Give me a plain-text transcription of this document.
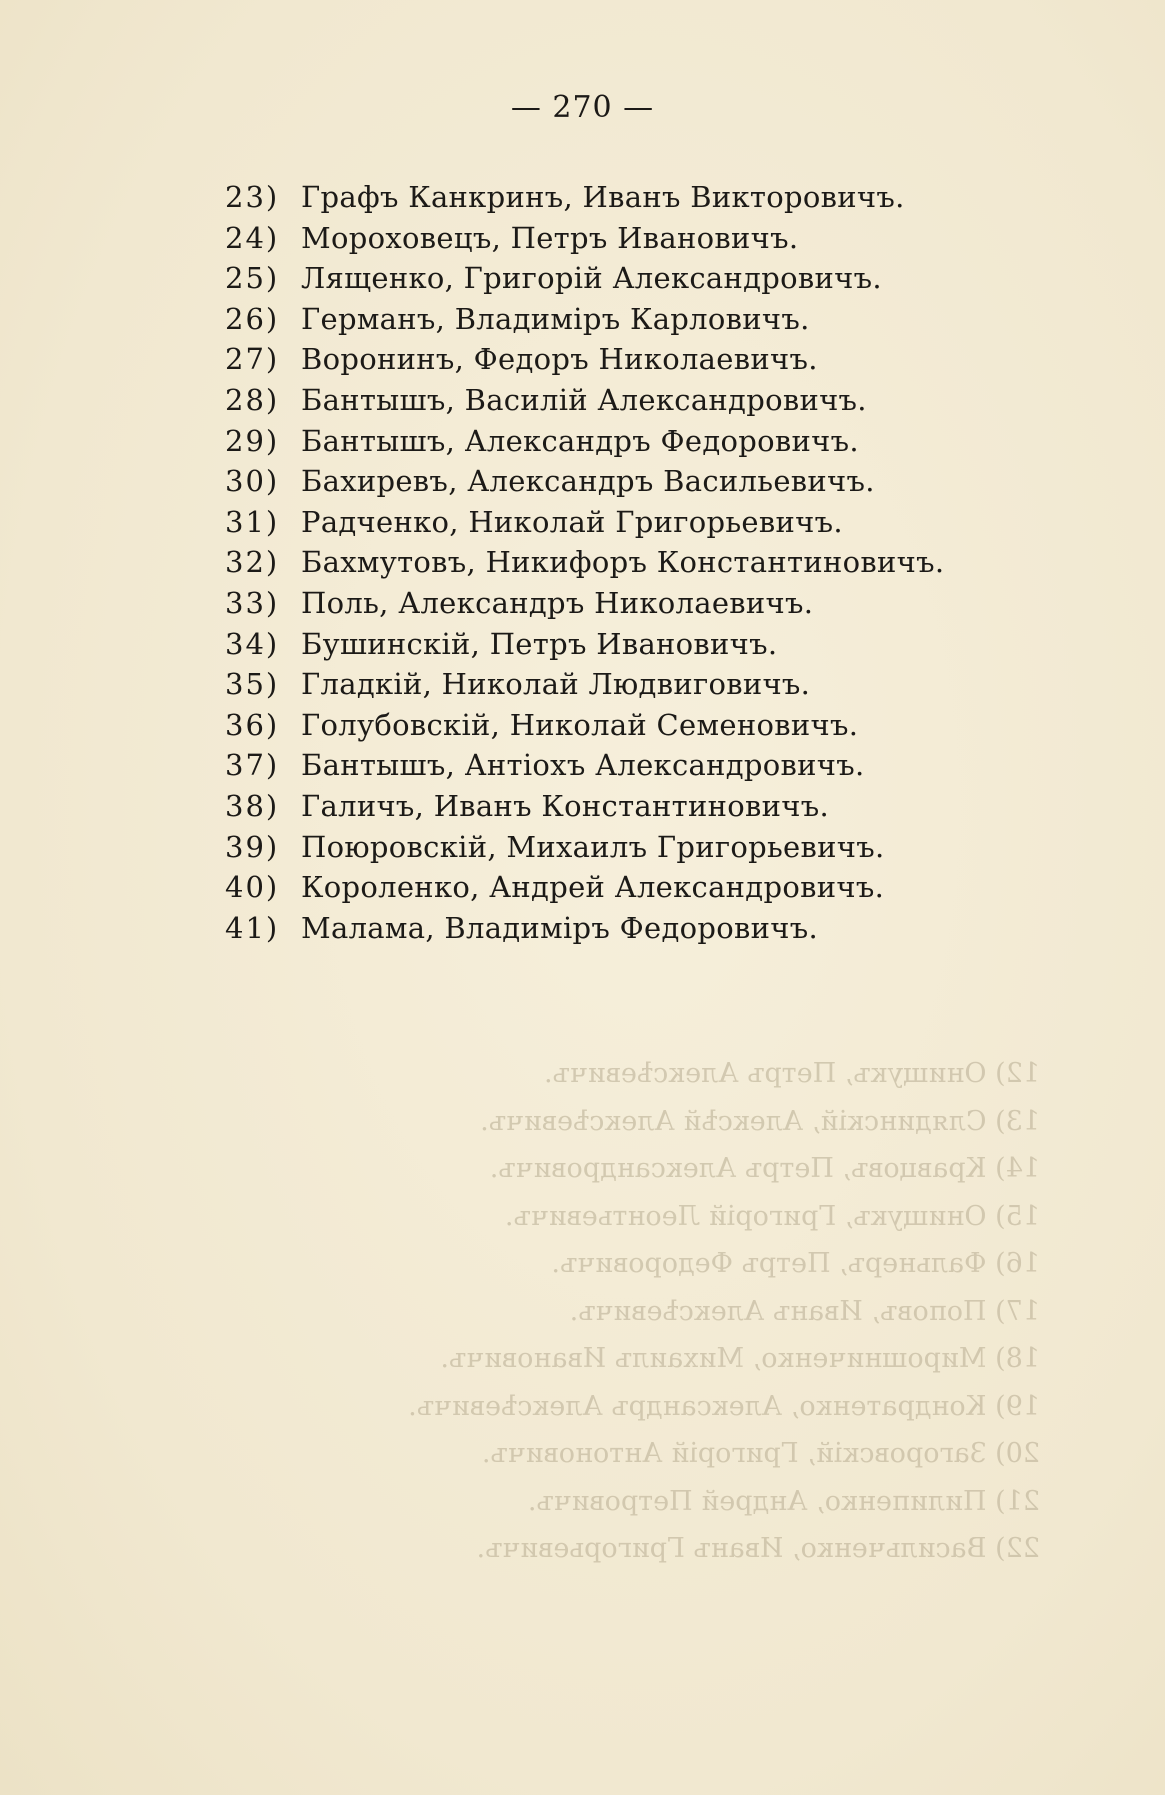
— 270 —
23) Графъ Канкринъ, Иванъ Викторовичъ.
24) Мороховецъ, Петръ Ивановичъ.
25) Лященко, Григорій Александровичъ.
26) Германъ, Владиміръ Карловичъ.
27) Воронинъ, Федоръ Николаевичъ.
28) Бантышъ, Василій Александровичъ.
29) Бантышъ, Александръ Федоровичъ.
30) Бахиревъ, Александръ Васильевичъ.
31) Радченко, Николай Григорьевичъ.
32) Бахмутовъ, Никифоръ Константиновичъ.
33) Поль, Александръ Николаевичъ.
34) Бушинскій, Петръ Ивановичъ.
35) Гладкій, Николай Людвиговичъ.
36) Голубовскій, Николай Семеновичъ.
37) Бантышъ, Антіохъ Александровичъ.
38) Галичъ, Иванъ Константиновичъ.
39) Поюровскій, Михаилъ Григорьевичъ.
40) Короленко, Андрей Александровичъ.
41) Малама, Владиміръ Федоровичъ.
12) Онищукъ, Петръ Алексѣевичъ.
13) Слядинскій, Алексѣй Алексѣевичъ.
14) Кравцовъ, Петръ Александровичъ.
15) Онищукъ, Григорій Леонтьевичъ.
16) Фальнеръ, Петръ Федоровичъ.
17) Поповъ, Иванъ Алексѣевичъ.
18) Мирошниченко, Михаилъ Ивановичъ.
19) Кондратенко, Александръ Алексѣевичъ.
20) Загоровскій, Григорій Антоновичъ.
21) Пилипенко, Андрей Петровичъ.
22) Васильченко, Иванъ Григорьевичъ.
